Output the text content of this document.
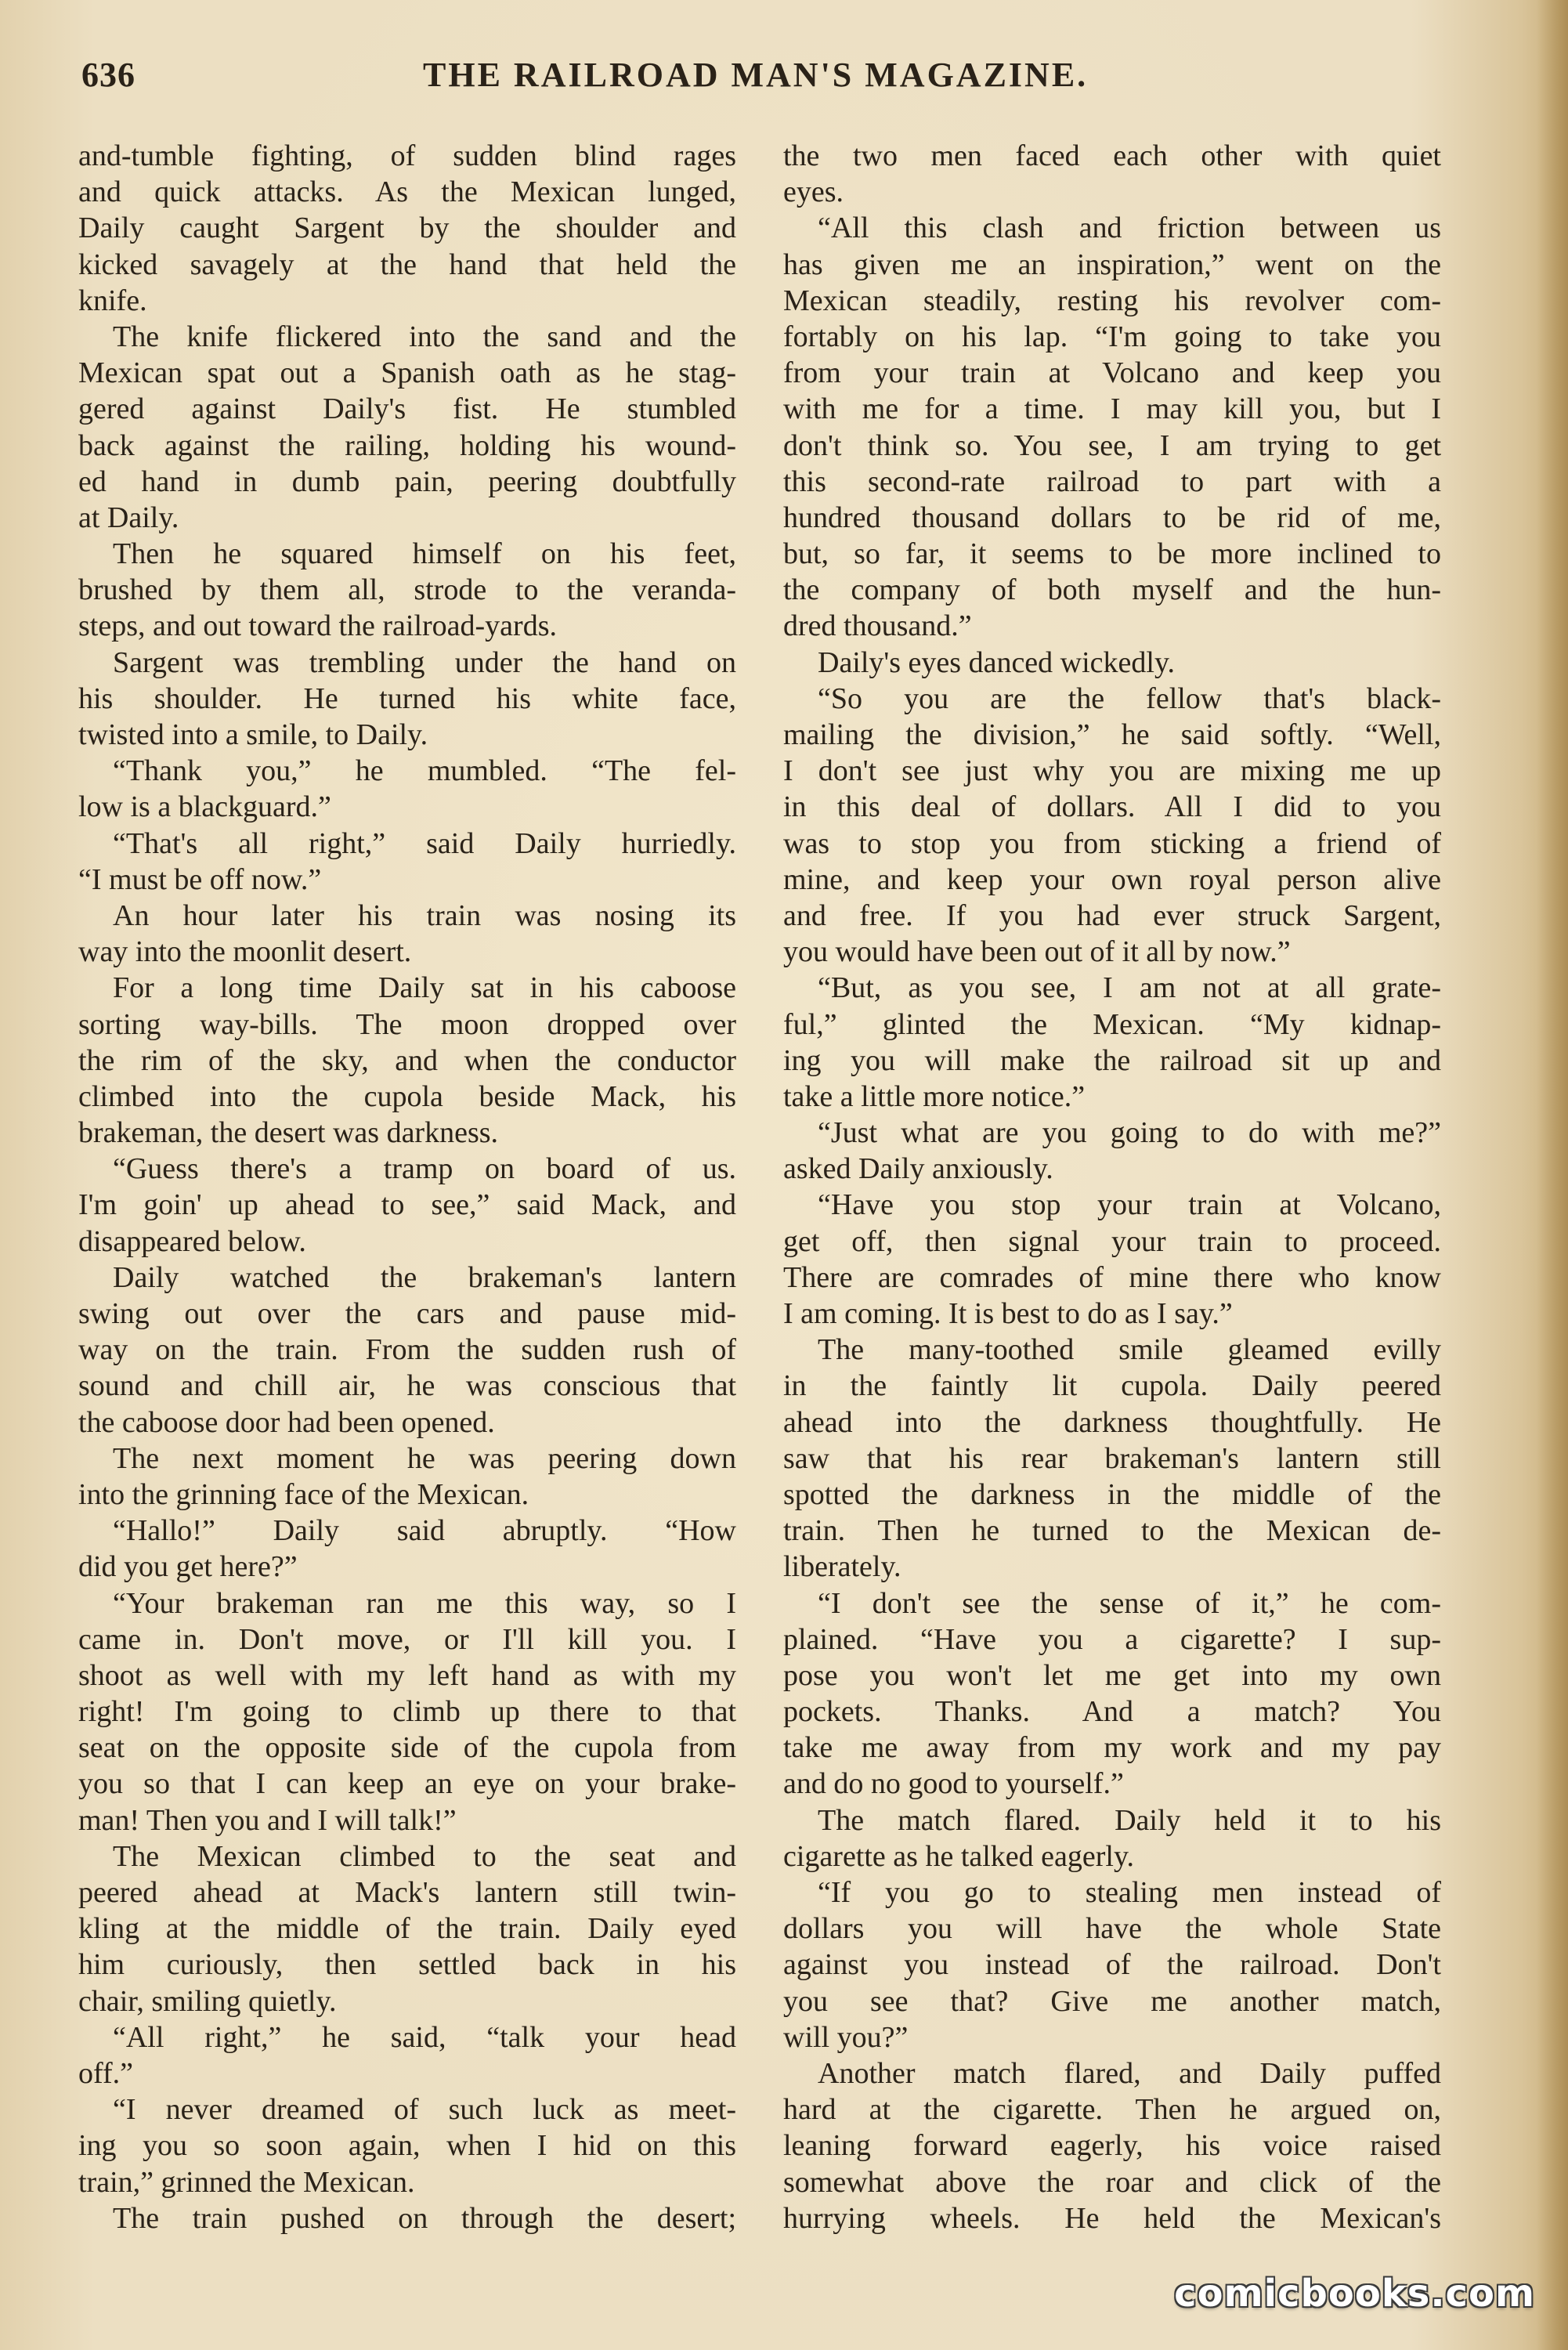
636	THE RAILROAD MAN'S MAGAZINE.
and-tumble fighting, of sudden blind rages
and quick attacks. As the Mexican lunged,
Daily caught Sargent by the shoulder and
kicked savagely at the hand that held the
knife.
The knife flickered into the sand and the
Mexican spat out a Spanish oath as he stag-
gered against Daily's fist. He stumbled
back against the railing, holding his wound-
ed hand in dumb pain, peering doubtfully
at Daily.
Then he squared himself on his feet,
brushed by them all, strode to the veranda-
steps, and out toward the railroad-yards.
Sargent was trembling under the hand on
his shoulder. He turned his white face,
twisted into a smile, to Daily.
“Thank you,” he mumbled. “The fel-
low is a blackguard.”
“That's all right,” said Daily hurriedly.
“I must be off now.”
An hour later his train was nosing its
way into the moonlit desert.
For a long time Daily sat in his caboose
sorting way-bills. The moon dropped over
the rim of the sky, and when the conductor
climbed into the cupola beside Mack, his
brakeman, the desert was darkness.
“Guess there's a tramp on board of us.
I'm goin' up ahead to see,” said Mack, and
disappeared below.
Daily watched the brakeman's lantern
swing out over the cars and pause mid-
way on the train. From the sudden rush of
sound and chill air, he was conscious that
the caboose door had been opened.
The next moment he was peering down
into the grinning face of the Mexican.
“Hallo!” Daily said abruptly. “How
did you get here?”
“Your brakeman ran me this way, so I
came in. Don't move, or I'll kill you. I
shoot as well with my left hand as with my
right! I'm going to climb up there to that
seat on the opposite side of the cupola from
you so that I can keep an eye on your brake-
man! Then you and I will talk!”
The Mexican climbed to the seat and
peered ahead at Mack's lantern still twin-
kling at the middle of the train. Daily eyed
him curiously, then settled back in his
chair, smiling quietly.
“All right,” he said, “talk your head
off.”
“I never dreamed of such luck as meet-
ing you so soon again, when I hid on this
train,” grinned the Mexican.
The train pushed on through the desert;
the two men faced each other with quiet
eyes.
“All this clash and friction between us
has given me an inspiration,” went on the
Mexican steadily, resting his revolver com-
fortably on his lap. “I'm going to take you
from your train at Volcano and keep you
with me for a time. I may kill you, but I
don't think so. You see, I am trying to get
this second-rate railroad to part with a
hundred thousand dollars to be rid of me,
but, so far, it seems to be more inclined to
the company of both myself and the hun-
dred thousand.”
Daily's eyes danced wickedly.
“So you are the fellow that's black-
mailing the division,” he said softly. “Well,
I don't see just why you are mixing me up
in this deal of dollars. All I did to you
was to stop you from sticking a friend of
mine, and keep your own royal person alive
and free. If you had ever struck Sargent,
you would have been out of it all by now.”
“But, as you see, I am not at all grate-
ful,” glinted the Mexican. “My kidnap-
ing you will make the railroad sit up and
take a little more notice.”
“Just what are you going to do with me?”
asked Daily anxiously.
“Have you stop your train at Volcano,
get off, then signal your train to proceed.
There are comrades of mine there who know
I am coming. It is best to do as I say.”
The many-toothed smile gleamed evilly
in the faintly lit cupola. Daily peered
ahead into the darkness thoughtfully. He
saw that his rear brakeman's lantern still
spotted the darkness in the middle of the
train. Then he turned to the Mexican de-
liberately.
“I don't see the sense of it,” he com-
plained. “Have you a cigarette? I sup-
pose you won't let me get into my own
pockets. Thanks. And a match? You
take me away from my work and my pay
and do no good to yourself.”
The match flared. Daily held it to his
cigarette as he talked eagerly.
“If you go to stealing men instead of
dollars you will have the whole State
against you instead of the railroad. Don't
you see that? Give me another match,
will you?”
Another match flared, and Daily puffed
hard at the cigarette. Then he argued on,
leaning forward eagerly, his voice raised
somewhat above the roar and click of the
hurrying wheels. He held the Mexican's
comicbooks.com
